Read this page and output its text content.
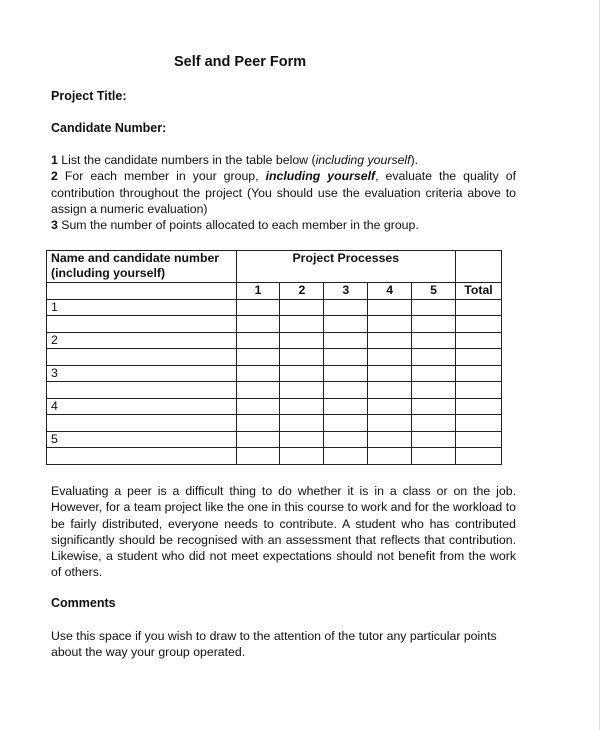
Self and Peer Form
Project Title:
Candidate Number:

1 List the candidate numbers in the table below (including yourself).

2 For each member in your group, including yourself, evaluate the quality of contribution throughout the project (You should use the evaluation criteria above to assign a numeric evaluation)

3 Sum the number of points allocated to each member in the group.

Name and candidate number (including yourself)	Project Processes					
	1	2	3	4	5	Total
1						

2						

3						

4						

5						

Evaluating a peer is a difficult thing to do whether it is in a class or on the job. However, for a team project like the one in this course to work and for the workload to be fairly distributed, everyone needs to contribute. A student who has contributed significantly should be recognised with an assessment that reflects that contribution. Likewise, a student who did not meet expectations should not benefit from the work of others.
Comments
Use this space if you wish to draw to the attention of the tutor any particular points about the way your group operated.
